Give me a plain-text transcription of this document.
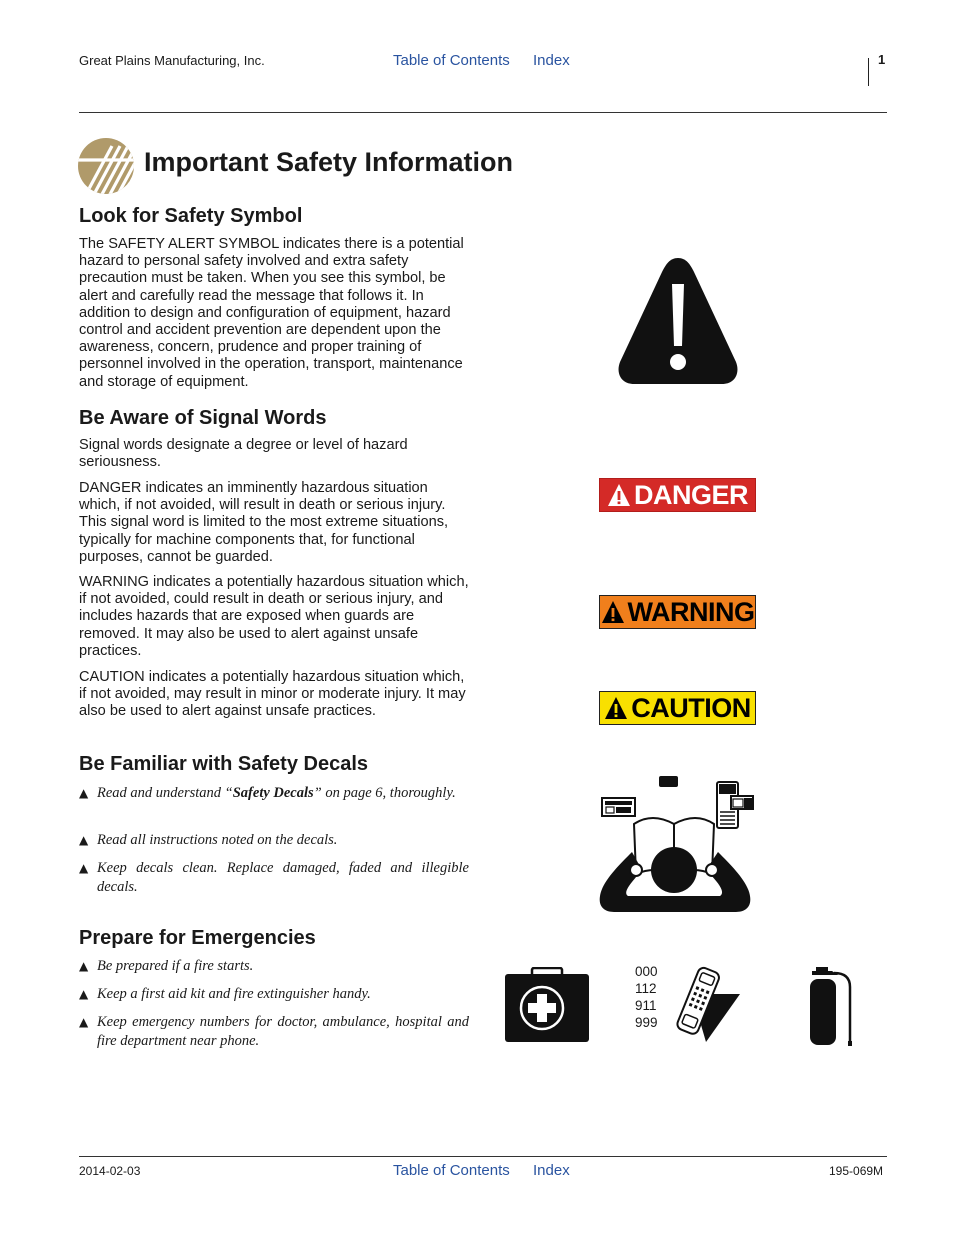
Great Plains Manufacturing, Inc.	Table of Contents Index	1
Important Safety Information
Look for Safety Symbol

The SAFETY ALERT SYMBOL indicates there is a potential hazard to personal safety involved and extra safety precaution must be taken. When you see this symbol, be alert and carefully read the message that follows it. In addition to design and configuration of equipment, hazard control and accident prevention are dependent upon the awareness, concern, prudence and proper training of personnel involved in the operation, transport, maintenance and storage of equipment.

Be Aware of Signal Words

Signal words designate a degree or level of hazard seriousness.

DANGER indicates an imminently hazardous situation which, if not avoided, will result in death or serious injury. This signal word is limited to the most extreme situations, typically for machine components that, for functional purposes, cannot be guarded.

WARNING indicates a potentially hazardous situation which, if not avoided, could result in death or serious injury, and includes hazards that are exposed when guards are removed. It may also be used to alert against unsafe practices.

CAUTION indicates a potentially hazardous situation which, if not avoided, may result in minor or moderate injury. It may also be used to alert against unsafe practices.

DANGER
WARNING
CAUTION
Be Familiar with Safety Decals
▲ Read and understand “Safety Decals” on page 6, thoroughly.
▲ Read all instructions noted on the decals.
▲ Keep decals clean. Replace damaged, faded and illegible decals.
Prepare for Emergencies
▲ Be prepared if a fire starts.
▲ Keep a first aid kit and fire extinguisher handy.
▲ Keep emergency numbers for doctor, ambulance, hospital and fire department near phone.
000
112
911
999
2014-02-03	Table of Contents Index	195-069M
